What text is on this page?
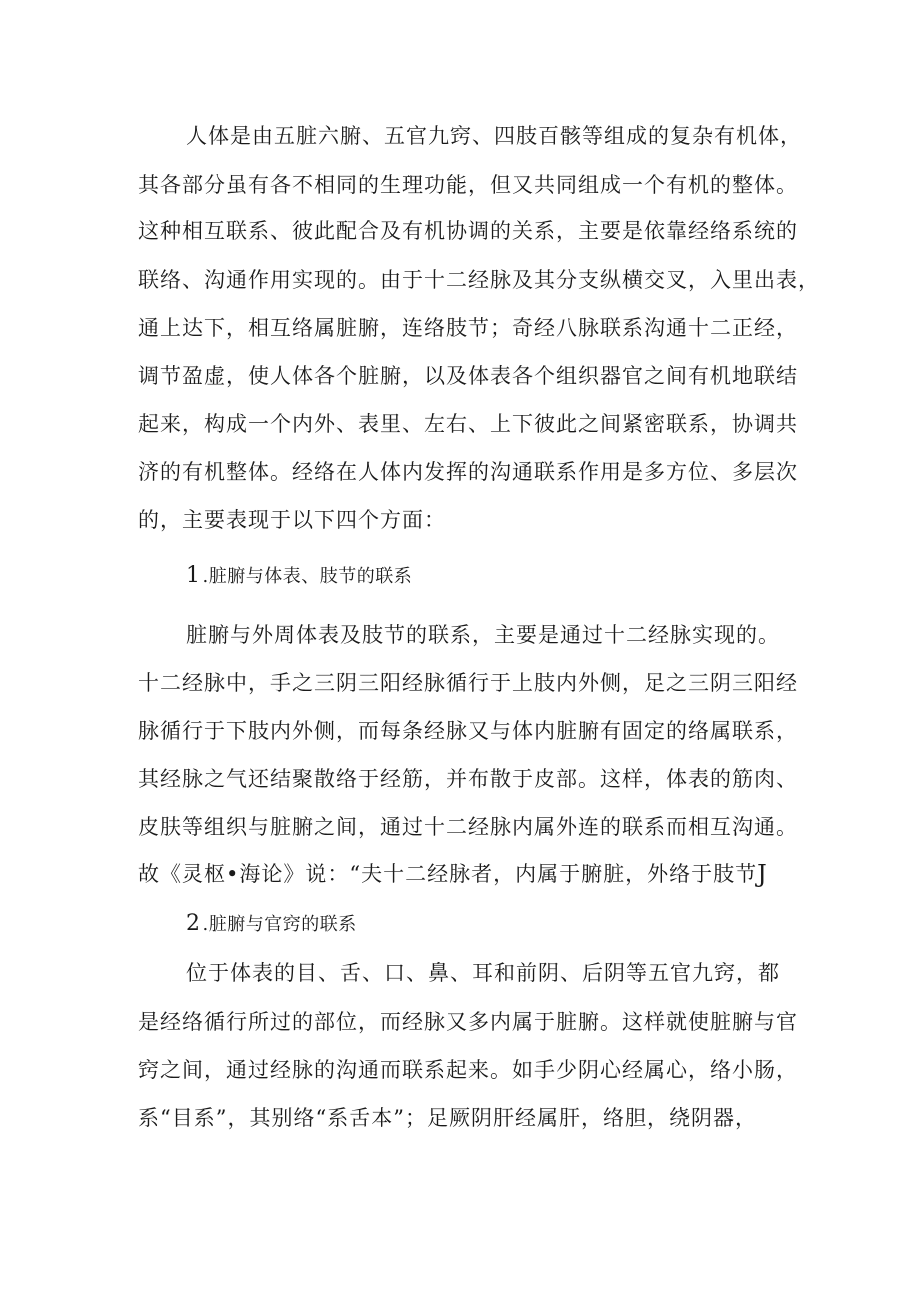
人体是由五脏六腑、五官九窍、四肢百骸等组成的复杂有机体，
其各部分虽有各不相同的生理功能，但又共同组成一个有机的整体。
这种相互联系、彼此配合及有机协调的关系，主要是依靠经络系统的
联络、沟通作用实现的。由于十二经脉及其分支纵横交叉，入里出表，
通上达下，相互络属脏腑，连络肢节；奇经八脉联系沟通十二正经，
调节盈虚，使人体各个脏腑，以及体表各个组织器官之间有机地联结
起来，构成一个内外、表里、左右、上下彼此之间紧密联系，协调共
济的有机整体。经络在人体内发挥的沟通联系作用是多方位、多层次
的，主要表现于以下四个方面：
1 .脏腑与体表、肢节的联系
脏腑与外周体表及肢节的联系，主要是通过十二经脉实现的。
十二经脉中，手之三阴三阳经脉循行于上肢内外侧，足之三阴三阳经
脉循行于下肢内外侧，而每条经脉又与体内脏腑有固定的络属联系，
其经脉之气还结聚散络于经筋，并布散于皮部。这样，体表的筋肉、
皮肤等组织与脏腑之间，通过十二经脉内属外连的联系而相互沟通。
故《灵枢•海论》说：“夫十二经脉者，内属于腑脏，外络于肢节J
2 .脏腑与官窍的联系
位于体表的目、舌、口、鼻、耳和前阴、后阴等五官九窍，都
是经络循行所过的部位，而经脉又多内属于脏腑。这样就使脏腑与官
窍之间，通过经脉的沟通而联系起来。如手少阴心经属心，络小肠，
系“目系”，其别络“系舌本”；足厥阴肝经属肝，络胆，绕阴器，
